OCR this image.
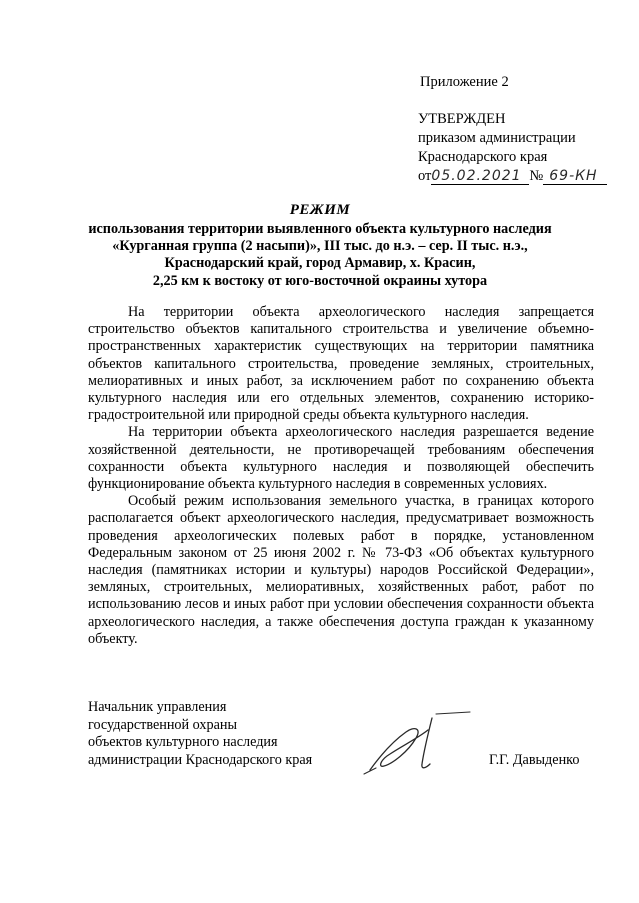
Приложение 2
УТВЕРЖДЕН
приказом администрации
Краснодарского края
от05.02.2021 № 69-КН
РЕЖИМ
использования территории выявленного объекта культурного наследия
«Курганная группа (2 насыпи)», III тыс. до н.э. – сер. II тыс. н.э.,
Краснодарский край, город Армавир, х. Красин,
2,25 км к востоку от юго-восточной окраины хутора

На территории объекта археологического наследия запрещается строительство объектов капитального строительства и увеличение объемно-пространственных характеристик существующих на территории памятника объектов капитального строительства, проведение земляных, строительных, мелиоративных и иных работ, за исключением работ по сохранению объекта культурного наследия или его отдельных элементов, сохранению историко-градостроительной или природной среды объекта культурного наследия.

На территории объекта археологического наследия разрешается ведение хозяйственной деятельности, не противоречащей требованиям обеспечения сохранности объекта культурного наследия и позволяющей обеспечить функционирование объекта культурного наследия в современных условиях.

Особый режим использования земельного участка, в границах которого располагается объект археологического наследия, предусматривает возможность проведения археологических полевых работ в порядке, установленном Федеральным законом от 25 июня 2002 г. № 73-ФЗ «Об объектах культурного наследия (памятниках истории и культуры) народов Российской Федерации», земляных, строительных, мелиоративных, хозяйственных работ, работ по использованию лесов и иных работ при условии обеспечения сохранности объекта археологического наследия, а также обеспечения доступа граждан к указанному объекту.

Начальник управления
государственной охраны
объектов культурного наследия
администрации Краснодарского края	Г.Г. Давыденко
